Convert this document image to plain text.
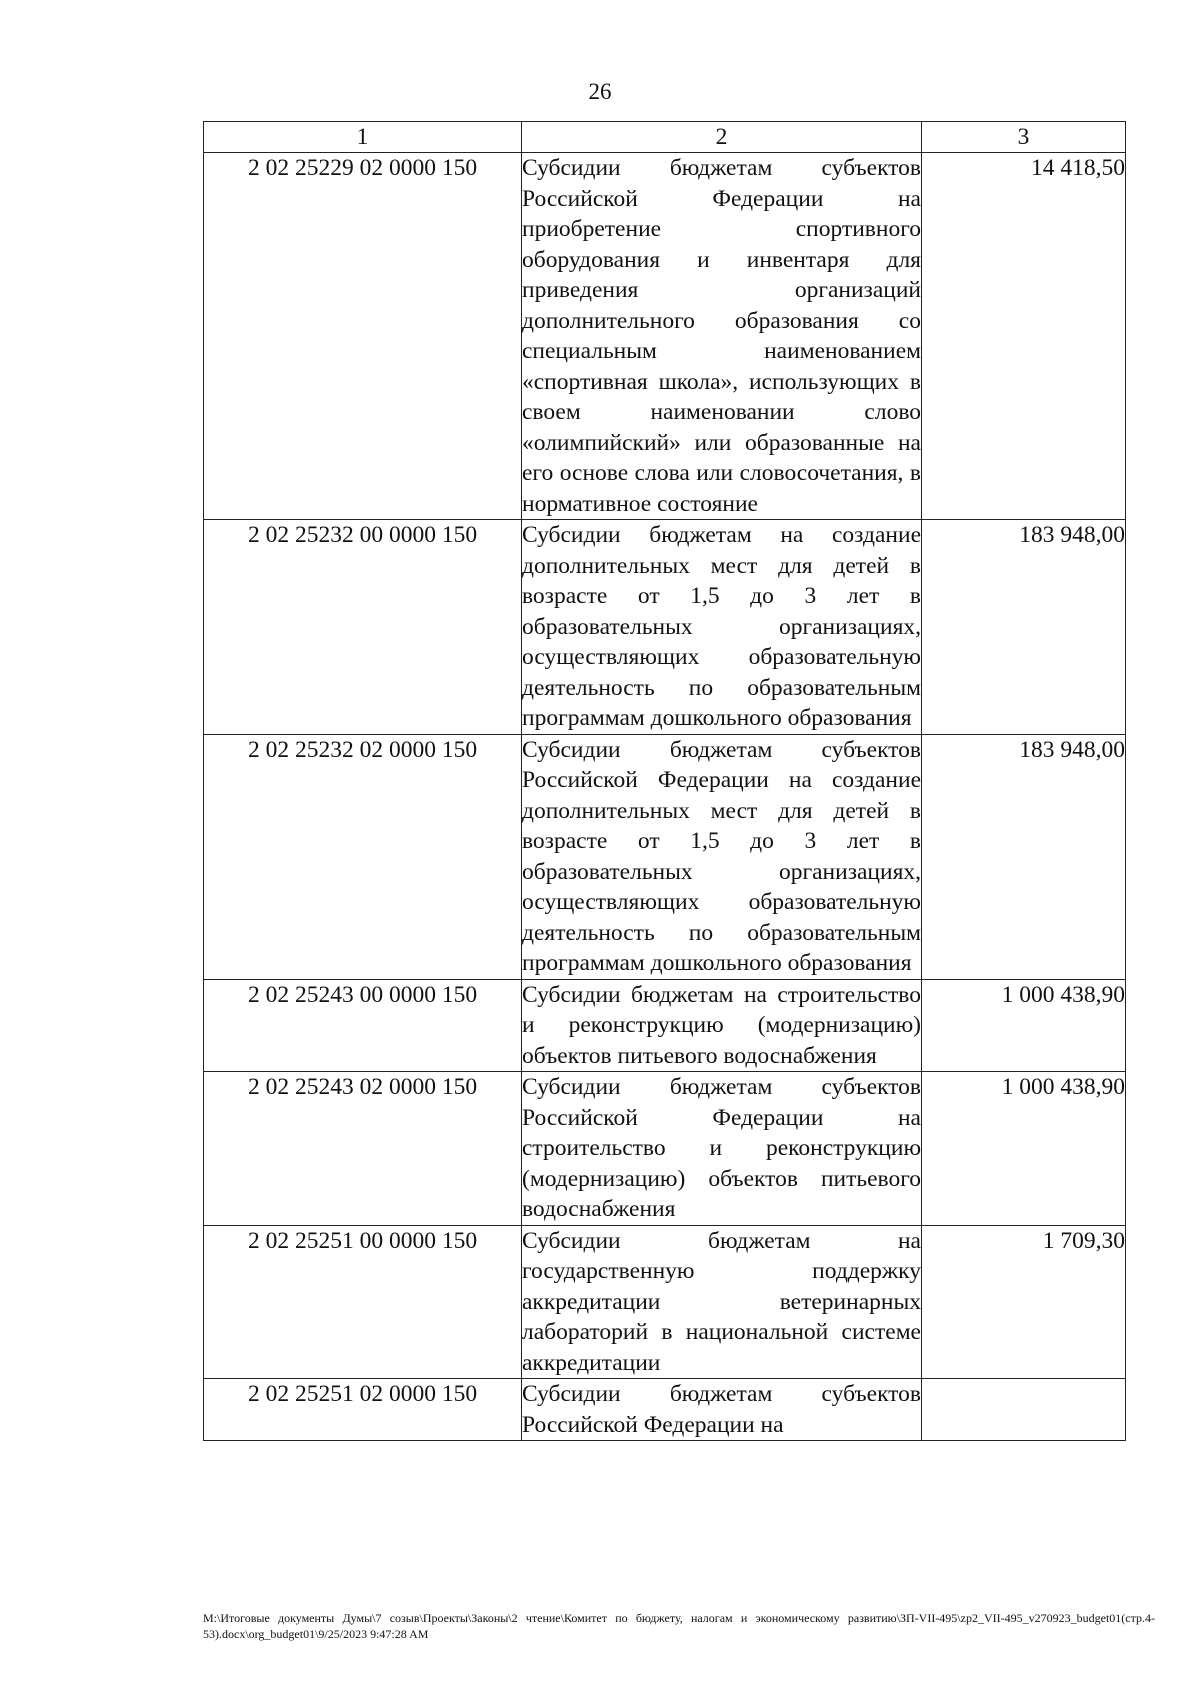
26
1	2	3
2 02 25229 02 0000 150	Субсидии бюджетам субъектов Российской Федерации на приобретение спортивного оборудования и инвентаря для приведения организаций дополнительного образования со специальным наименованием «спортивная школа», использующих в своем наименовании слово «олимпийский» или образованные на его основе слова или словосочетания, в нормативное состояние	14 418,50
2 02 25232 00 0000 150	Субсидии бюджетам на создание дополнительных мест для детей в возрасте от 1,5 до 3 лет в образовательных организациях, осуществляющих образовательную деятельность по образовательным программам дошкольного образования	183 948,00
2 02 25232 02 0000 150	Субсидии бюджетам субъектов Российской Федерации на создание дополнительных мест для детей в возрасте от 1,5 до 3 лет в образовательных организациях, осуществляющих образовательную деятельность по образовательным программам дошкольного образования	183 948,00
2 02 25243 00 0000 150	Субсидии бюджетам на строительство и реконструкцию (модернизацию) объектов питьевого водоснабжения	1 000 438,90
2 02 25243 02 0000 150	Субсидии бюджетам субъектов Российской Федерации на строительство и реконструкцию (модернизацию) объектов питьевого водоснабжения	1 000 438,90
2 02 25251 00 0000 150	Субсидии бюджетам на государственную поддержку аккредитации ветеринарных лабораторий в национальной системе аккредитации	1 709,30
2 02 25251 02 0000 150	Субсидии бюджетам субъектов Российской Федерации на	
M:\Итоговые документы Думы\7 созыв\Проекты\Законы\2 чтение\Комитет по бюджету, налогам и экономическому развитию\ЗП-VII-495\zp2_VII-495_v270923_budget01(стр.4-53).docx\org_budget01\9/25/2023 9:47:28 AM
